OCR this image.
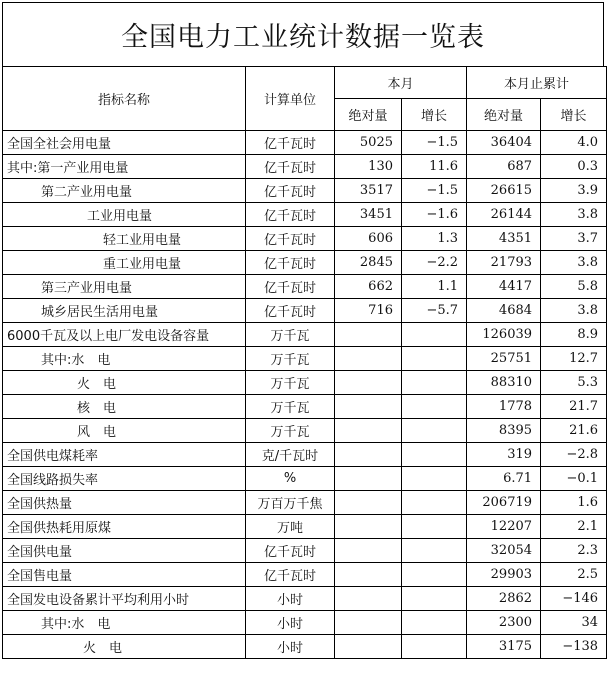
全国电力工业统计数据一览表
指标名称	计算单位	本月		本月止累计	
		绝对量	增长	绝对量	增长
全国全社会用电量	亿千瓦时	5025	−1.5	36404	4.0
其中:第一产业用电量	亿千瓦时	130	11.6	687	0.3
第二产业用电量	亿千瓦时	3517	−1.5	26615	3.9
工业用电量	亿千瓦时	3451	−1.6	26144	3.8
轻工业用电量	亿千瓦时	606	1.3	4351	3.7
重工业用电量	亿千瓦时	2845	−2.2	21793	3.8
第三产业用电量	亿千瓦时	662	1.1	4417	5.8
城乡居民生活用电量	亿千瓦时	716	−5.7	4684	3.8
6000千瓦及以上电厂发电设备容量	万千瓦			126039	8.9
其中:水　电	万千瓦			25751	12.7
火　电	万千瓦			88310	5.3
核　电	万千瓦			1778	21.7
风　电	万千瓦			8395	21.6
全国供电煤耗率	克/千瓦时			319	−2.8
全国线路损失率	%			6.71	−0.1
全国供热量	万百万千焦			206719	1.6
全国供热耗用原煤	万吨			12207	2.1
全国供电量	亿千瓦时			32054	2.3
全国售电量	亿千瓦时			29903	2.5
全国发电设备累计平均利用小时	小时			2862	−146
其中:水　电	小时			2300	34
火　电	小时			3175	−138
